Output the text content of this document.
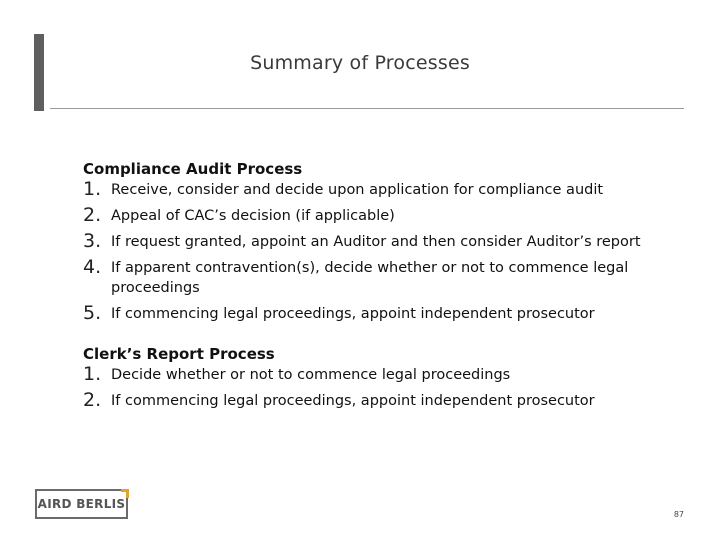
Summary of Processes

Compliance Audit Process

1. Receive, consider and decide upon application for compliance audit
2. Appeal of CAC’s decision (if applicable)
3. If request granted, appoint an Auditor and then consider Auditor’s report
4. If apparent contravention(s), decide whether or not to commence legal proceedings
5. If commencing legal proceedings, appoint independent prosecutor

Clerk’s Report Process

1. Decide whether or not to commence legal proceedings
2. If commencing legal proceedings, appoint independent prosecutor
AIRD BERLIS
87
